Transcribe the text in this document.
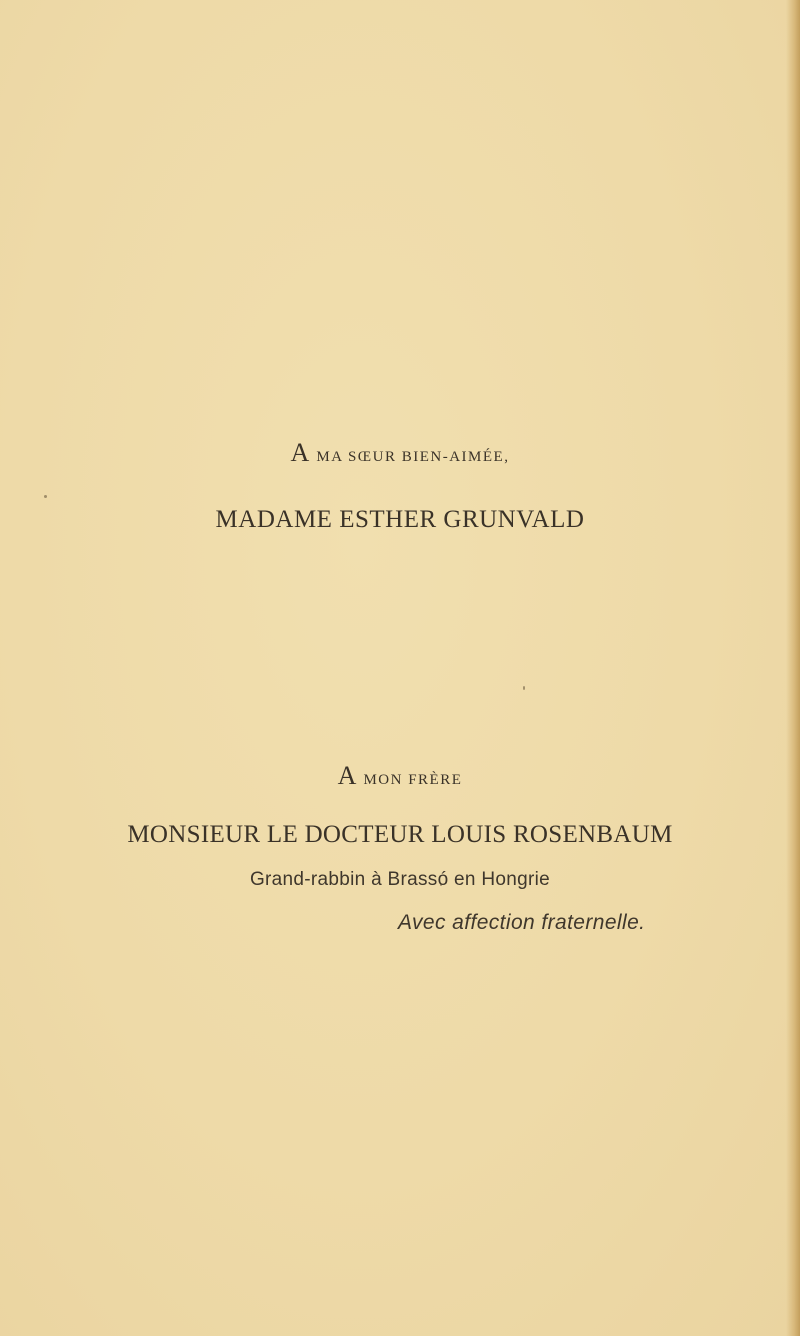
A MA SŒUR BIEN-AIMÉE,
MADAME ESTHER GRUNVALD
A MON FRÈRE
MONSIEUR LE DOCTEUR LOUIS ROSENBAUM
Grand-rabbin à Brassó en Hongrie
Avec affection fraternelle.
